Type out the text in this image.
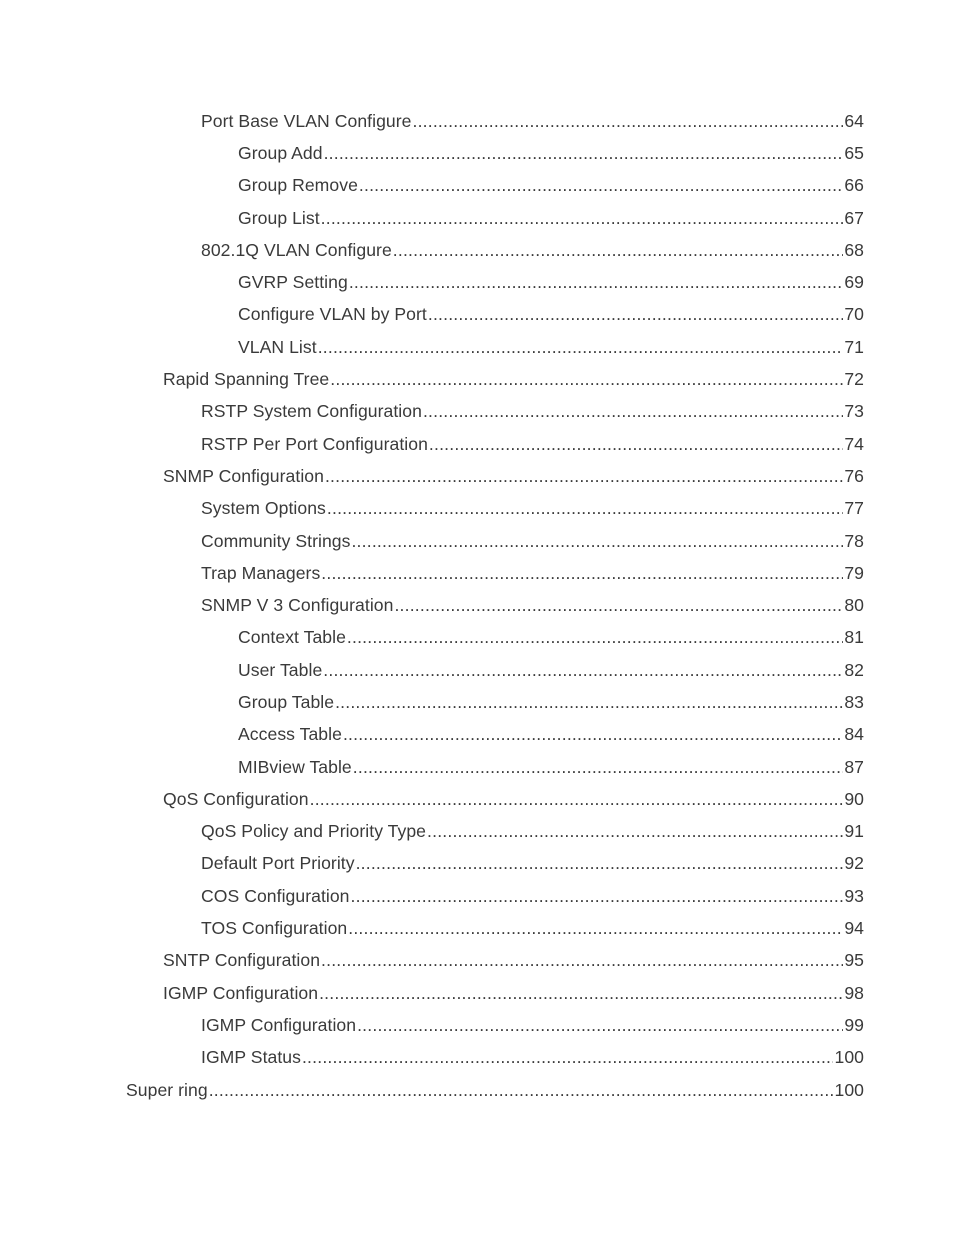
Port Base VLAN Configure .....	64
Group Add .....	65
Group Remove .....	66
Group List .....	67
802.1Q VLAN Configure .....	68
GVRP Setting .....	69
Configure VLAN by Port .....	70
VLAN List .....	71
Rapid Spanning Tree .....	72
RSTP System Configuration .....	73
RSTP Per Port Configuration .....	74
SNMP Configuration .....	76
System Options .....	77
Community Strings .....	78
Trap Managers .....	79
SNMP V 3 Configuration .....	80
Context Table .....	81
User Table .....	82
Group Table .....	83
Access Table .....	84
MIBview Table .....	87
QoS Configuration .....	90
QoS Policy and Priority Type .....	91
Default Port Priority .....	92
COS Configuration .....	93
TOS Configuration .....	94
SNTP Configuration .....	95
IGMP Configuration .....	98
IGMP Configuration .....	99
IGMP Status .....	100
Super ring .....	100
